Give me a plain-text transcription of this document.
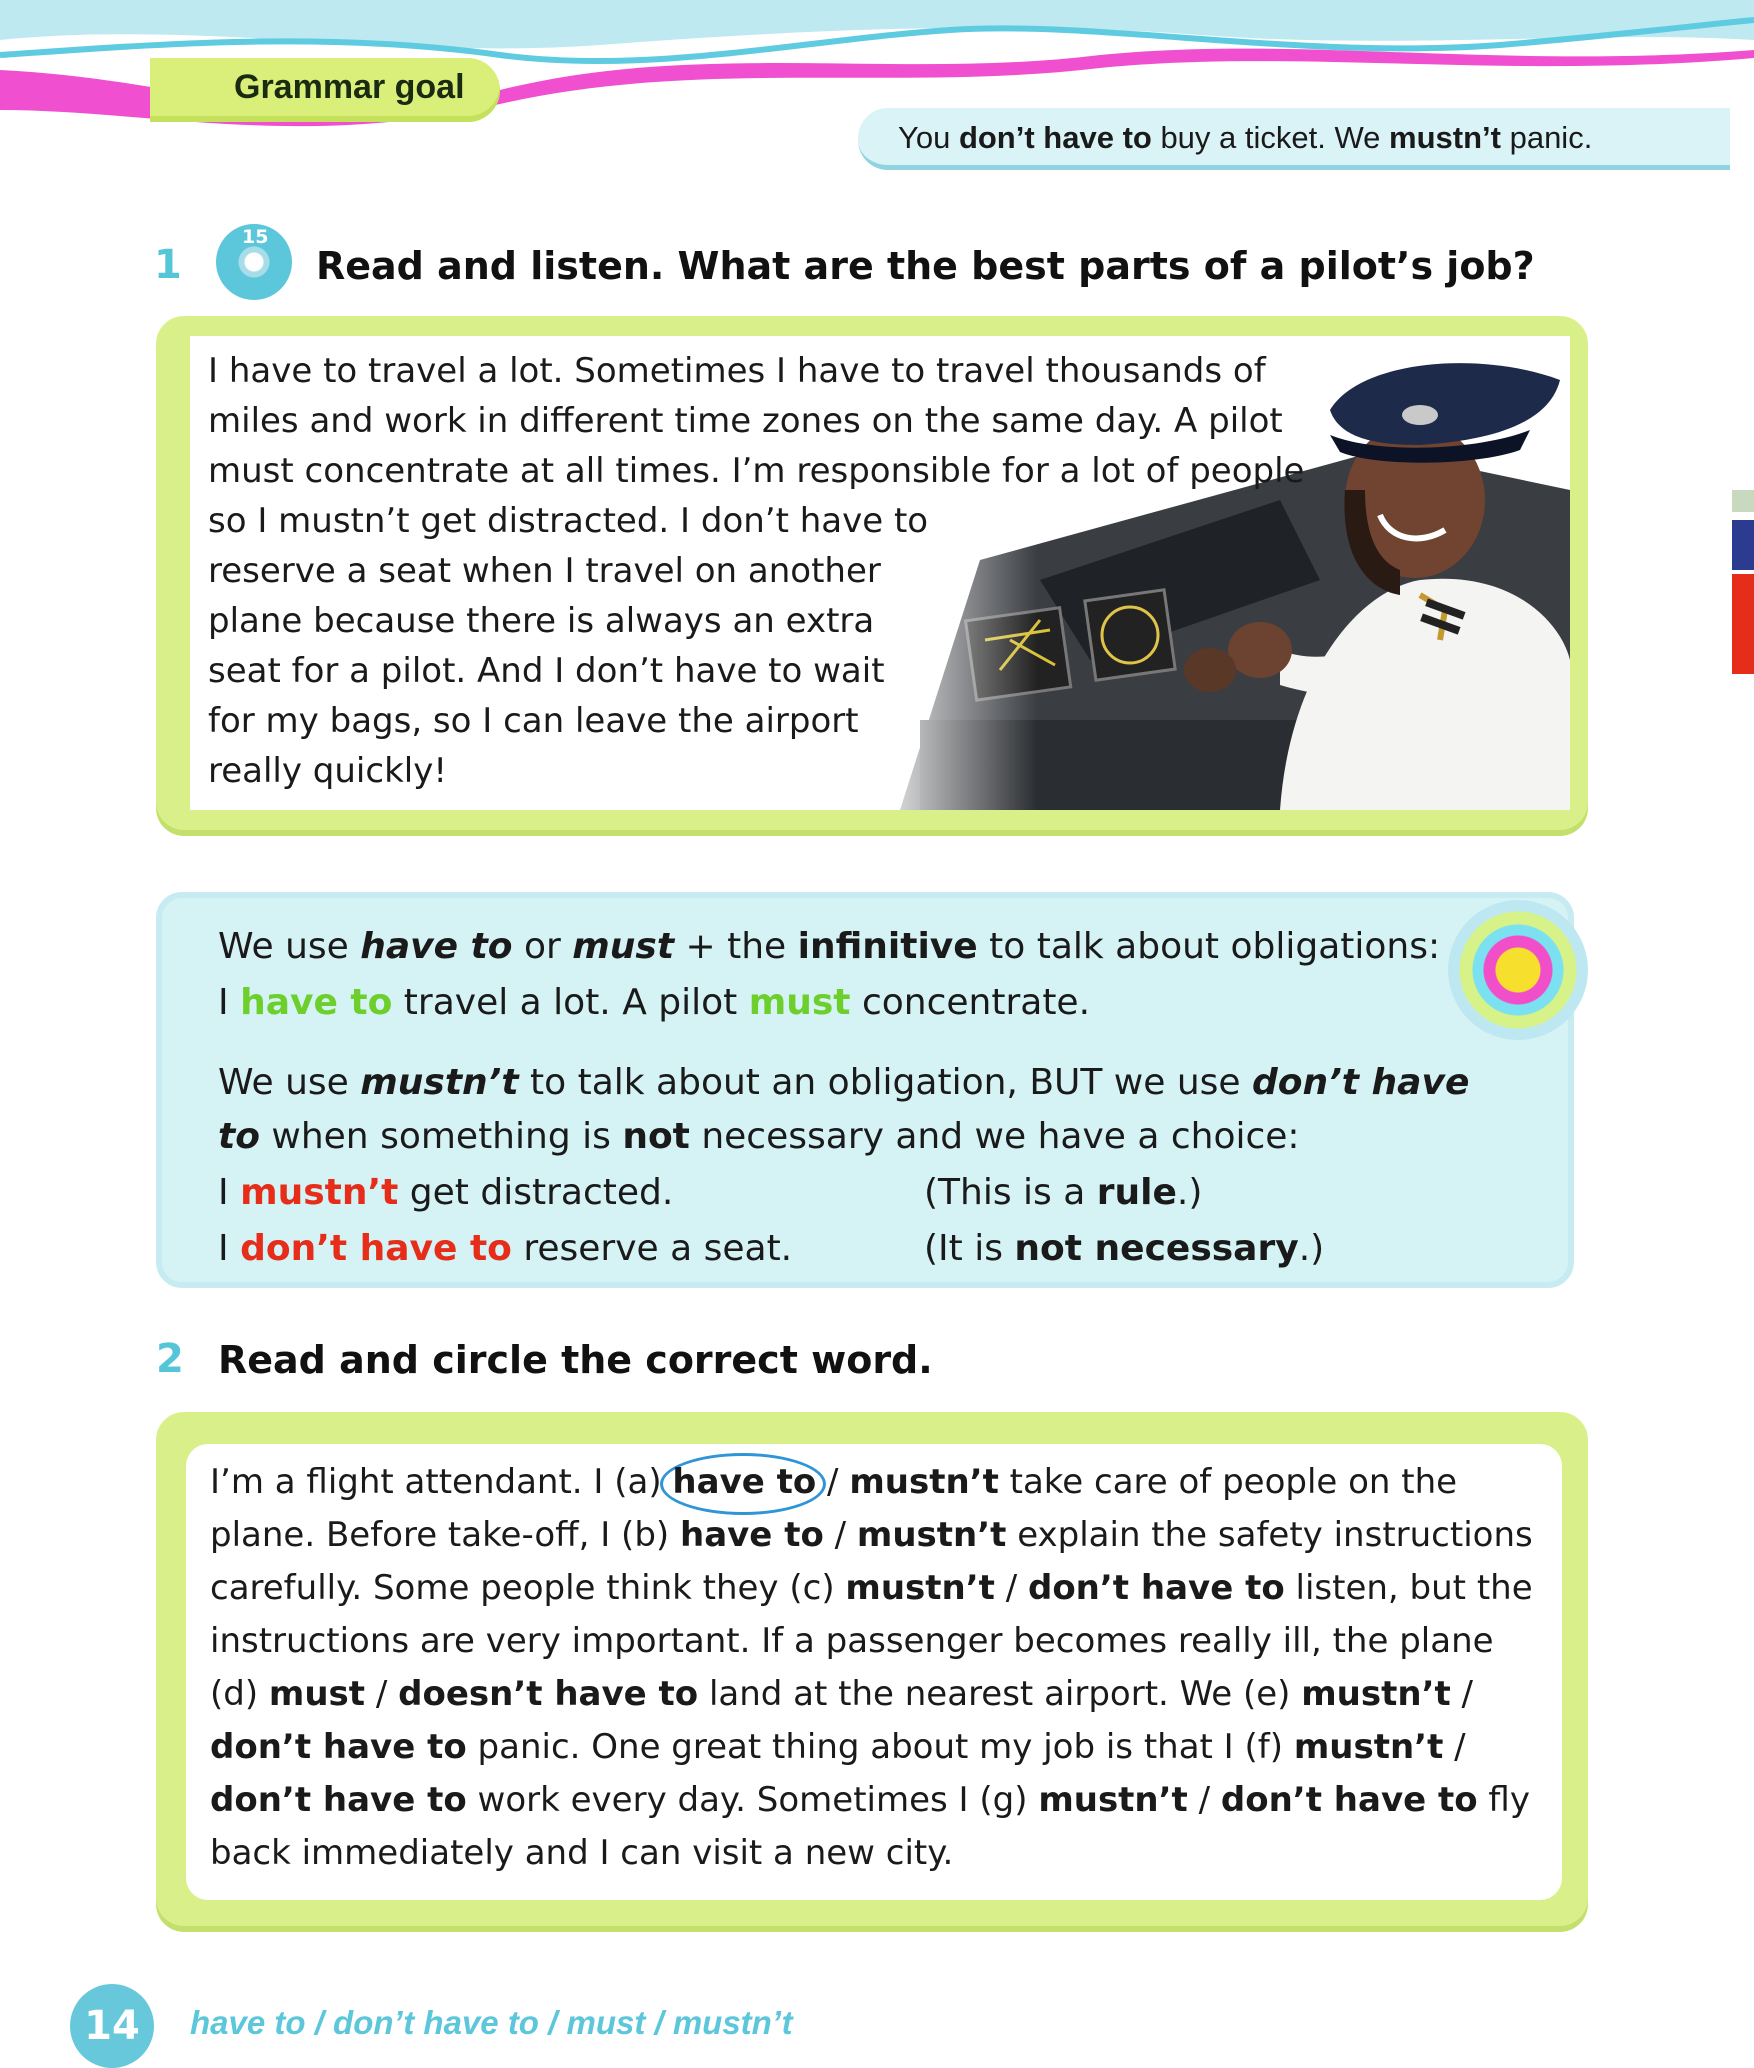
Grammar goal
You don’t have to buy a ticket. We mustn’t panic.
1
15
Read and listen. What are the best parts of a pilot’s job?
I have to travel a lot. Sometimes I have to travel thousands of
miles and work in different time zones on the same day. A pilot
must concentrate at all times. I’m responsible for a lot of people
so I mustn’t get distracted. I don’t have to
reserve a seat when I travel on another
plane because there is always an extra
seat for a pilot. And I don’t have to wait
for my bags, so I can leave the airport
really quickly!
We use have to or must + the infinitive to talk about obligations:
I have to travel a lot. A pilot must concentrate.
We use mustn’t to talk about an obligation, BUT we use don’t have
to when something is not necessary and we have a choice:
I mustn’t get distracted.	(This is a rule.)
I don’t have to reserve a seat.	(It is not necessary.)
2 Read and circle the correct word.
I’m a flight attendant. I (a) have to / mustn’t take care of people on the
plane. Before take-off, I (b) have to / mustn’t explain the safety instructions
carefully. Some people think they (c) mustn’t / don’t have to listen, but the
instructions are very important. If a passenger becomes really ill, the plane
(d) must / doesn’t have to land at the nearest airport. We (e) mustn’t /
don’t have to panic. One great thing about my job is that I (f) mustn’t /
don’t have to work every day. Sometimes I (g) mustn’t / don’t have to fly
back immediately and I can visit a new city.
14	have to / don’t have to / must / mustn’t
